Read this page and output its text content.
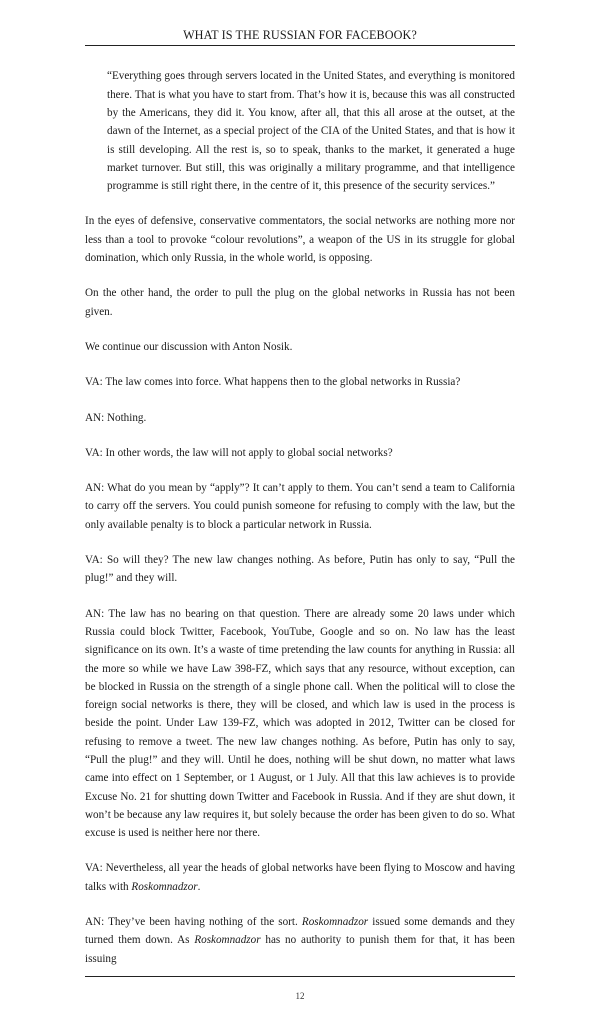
WHAT IS THE RUSSIAN FOR FACEBOOK?

“Everything goes through servers located in the United States, and everything is monitored there. That is what you have to start from. That’s how it is, because this was all constructed by the Americans, they did it. You know, after all, that this all arose at the outset, at the dawn of the Internet, as a special project of the CIA of the United States, and that is how it is still developing. All the rest is, so to speak, thanks to the market, it generated a huge market turnover. But still, this was originally a military programme, and that intelligence programme is still right there, in the centre of it, this presence of the security services.”

In the eyes of defensive, conservative commentators, the social networks are nothing more nor less than a tool to provoke “colour revolutions”, a weapon of the US in its struggle for global domination, which only Russia, in the whole world, is opposing.

On the other hand, the order to pull the plug on the global networks in Russia has not been given.

We continue our discussion with Anton Nosik.

VA: The law comes into force. What happens then to the global networks in Russia?

AN: Nothing.

VA: In other words, the law will not apply to global social networks?

AN: What do you mean by “apply”? It can’t apply to them. You can’t send a team to California to carry off the servers. You could punish someone for refusing to comply with the law, but the only available penalty is to block a particular network in Russia.

VA: So will they? The new law changes nothing. As before, Putin has only to say, “Pull the plug!” and they will.

AN: The law has no bearing on that question. There are already some 20 laws under which Russia could block Twitter, Facebook, YouTube, Google and so on. No law has the least significance on its own. It’s a waste of time pretending the law counts for anything in Russia: all the more so while we have Law 398-FZ, which says that any resource, without exception, can be blocked in Russia on the strength of a single phone call. When the political will to close the foreign social networks is there, they will be closed, and which law is used in the process is beside the point. Under Law 139-FZ, which was adopted in 2012, Twitter can be closed for refusing to remove a tweet. The new law changes nothing. As before, Putin has only to say, “Pull the plug!” and they will. Until he does, nothing will be shut down, no matter what laws came into effect on 1 September, or 1 August, or 1 July. All that this law achieves is to provide Excuse No. 21 for shutting down Twitter and Facebook in Russia. And if they are shut down, it won’t be because any law requires it, but solely because the order has been given to do so. What excuse is used is neither here nor there.

VA: Nevertheless, all year the heads of global networks have been flying to Moscow and having talks with Roskomnadzor.

AN: They’ve been having nothing of the sort. Roskomnadzor issued some demands and they turned them down. As Roskomnadzor has no authority to punish them for that, it has been issuing

12
